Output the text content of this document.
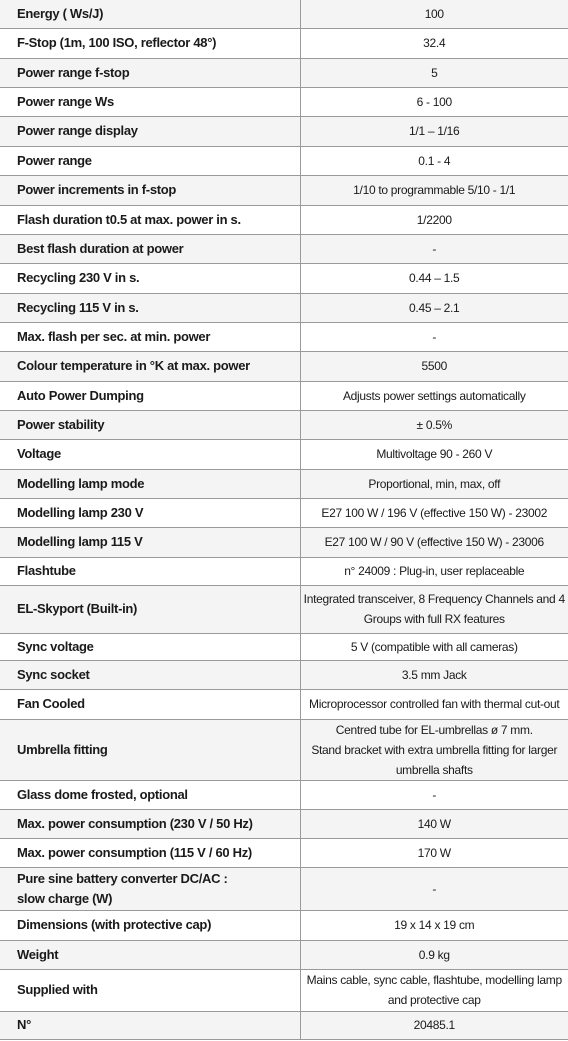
Energy ( Ws/J)	100
F-Stop (1m, 100 ISO, reflector 48°)	32.4
Power range f-stop	5
Power range Ws	6 - 100
Power range display	1/1 – 1/16
Power range	0.1 - 4
Power increments in f-stop	1/10 to programmable 5/10 - 1/1
Flash duration t0.5 at max. power in s.	1/2200
Best flash duration at power	-
Recycling 230 V in s.	0.44 – 1.5
Recycling 115 V in s.	0.45 – 2.1
Max. flash per sec. at min. power	-
Colour temperature in °K at max. power	5500
Auto Power Dumping	Adjusts power settings automatically
Power stability	± 0.5%
Voltage	Multivoltage 90 - 260 V
Modelling lamp mode	Proportional, min, max, off
Modelling lamp 230 V	E27 100 W / 196 V (effective 150 W) - 23002
Modelling lamp 115 V	E27 100 W / 90 V (effective 150 W) - 23006
Flashtube	n° 24009 : Plug-in, user replaceable
EL-Skyport (Built-in)	Integrated transceiver, 8 Frequency Channels and 4 Groups with full RX features
Sync voltage	5 V (compatible with all cameras)
Sync socket	3.5 mm Jack
Fan Cooled	Microprocessor controlled fan with thermal cut-out
Umbrella fitting	Centred tube for EL-umbrellas ø 7 mm.
Stand bracket with extra umbrella fitting for larger umbrella shafts
Glass dome frosted, optional	-
Max. power consumption (230 V / 50 Hz)	140 W
Max. power consumption (115 V / 60 Hz)	170 W
Pure sine battery converter DC/AC :
slow charge (W)	-
Dimensions (with protective cap)	19 x 14 x 19 cm
Weight	0.9 kg
Supplied with	Mains cable, sync cable, flashtube, modelling lamp and protective cap
N°	20485.1
